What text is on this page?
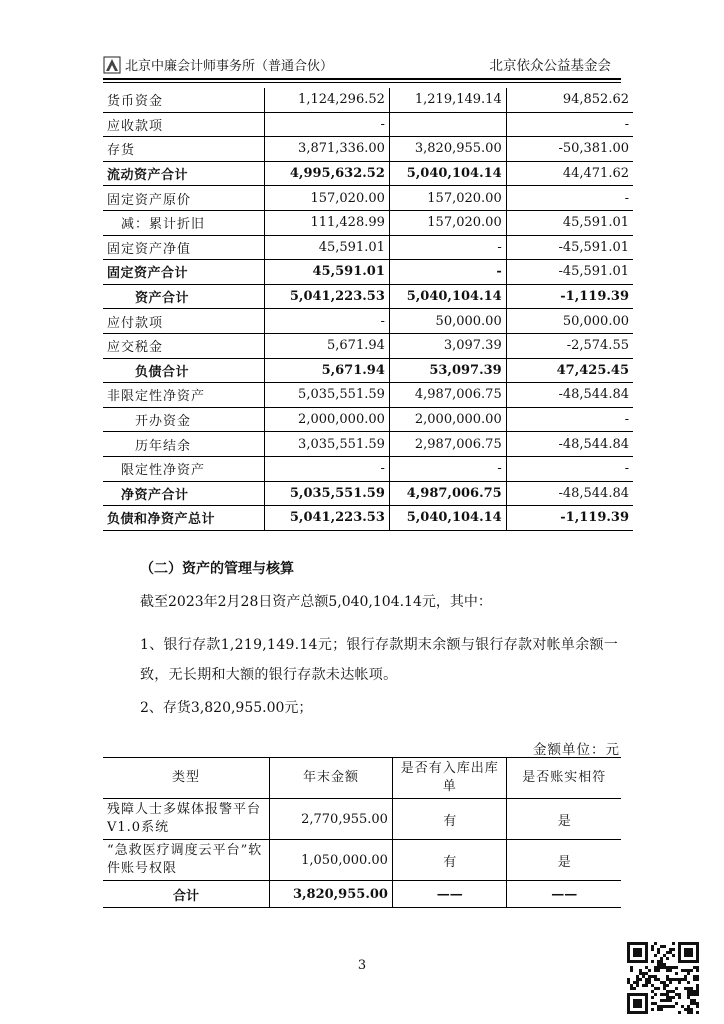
北京中廉会计师事务所（普通合伙）	北京依众公益基金会
货币资金	1,124,296.52	1,219,149.14	94,852.62
应收款项	-		-
存货	3,871,336.00	3,820,955.00	-50,381.00
流动资产合计	4,995,632.52	5,040,104.14	44,471.62
固定资产原价	157,020.00	157,020.00	-
减：累计折旧	111,428.99	157,020.00	45,591.01
固定资产净值	45,591.01	-	-45,591.01
固定资产合计	45,591.01	-	-45,591.01
资产合计	5,041,223.53	5,040,104.14	-1,119.39
应付款项	-	50,000.00	50,000.00
应交税金	5,671.94	3,097.39	-2,574.55
负债合计	5,671.94	53,097.39	47,425.45
非限定性净资产	5,035,551.59	4,987,006.75	-48,544.84
开办资金	2,000,000.00	2,000,000.00	-
历年结余	3,035,551.59	2,987,006.75	-48,544.84
限定性净资产	-	-	-
净资产合计	5,035,551.59	4,987,006.75	-48,544.84
负债和净资产总计	5,041,223.53	5,040,104.14	-1,119.39
（二）资产的管理与核算
截至2023年2月28日资产总额5,040,104.14元，其中：
1、银行存款1,219,149.14元；银行存款期末余额与银行存款对帐单余额一致，无长期和大额的银行存款未达帐项。
2、存货3,820,955.00元；
金额单位：元
类型	年末金额	是否有入库出库单	是否账实相符
残障人士多媒体报警平台V1.0系统	2,770,955.00	有	是
“急救医疗调度云平台”软件账号权限	1,050,000.00	有	是
合计	3,820,955.00	——	——
3
